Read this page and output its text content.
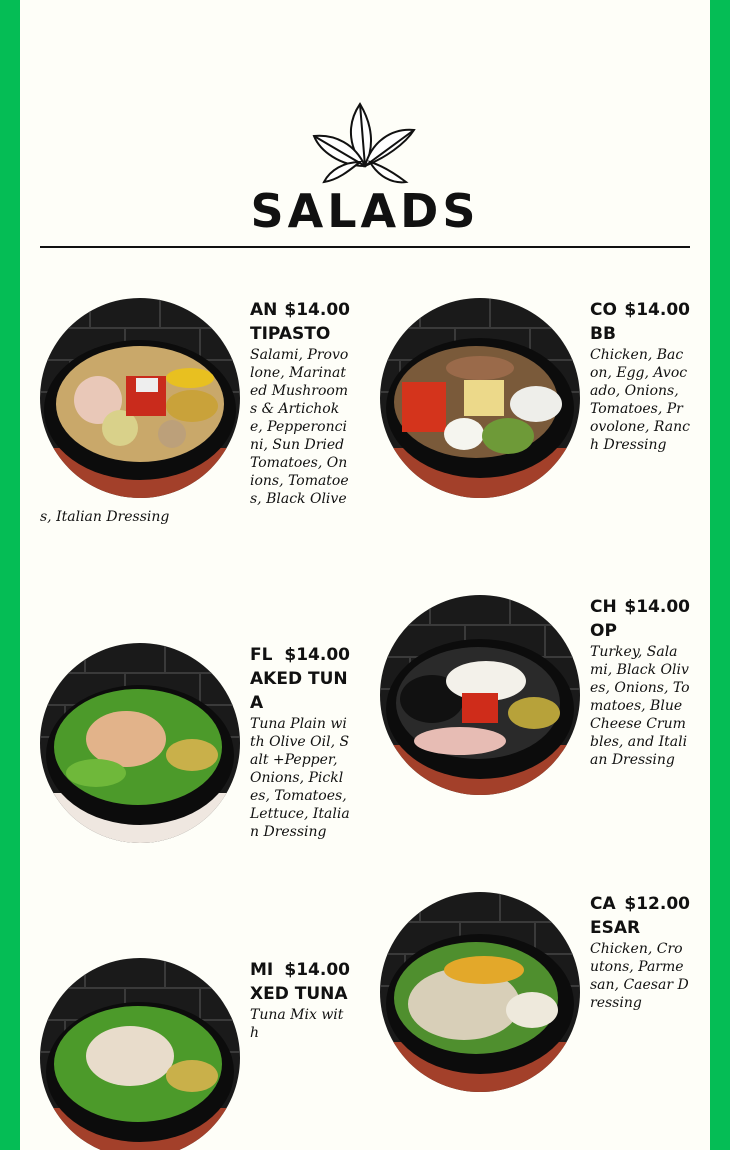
SALADS
$14.00
ANTIPASTO

Salami, Provolone, Marinated Mushrooms & Artichoke, Pepperoncini, Sun Dried Tomatoes, Onions, Tomatoes, Black Olives, Italian Dressing

$14.00
COBB

Chicken, Bacon, Egg, Avocado, Onions, Tomatoes, Provolone, Ranch Dressing

$14.00
CHOP

Turkey, Salami, Black Olives, Onions, Tomatoes, Blue Cheese Crumbles, and Italian Dressing

$14.00
FLAKED TUNA

Tuna Plain with Olive Oil, Salt +Pepper, Onions, Pickles, Tomatoes, Lettuce, Italian Dressing

$12.00
CAESAR

Chicken, Croutons, Parmesan, Caesar Dressing

$14.00
MIXED TUNA

Tuna Mix with
